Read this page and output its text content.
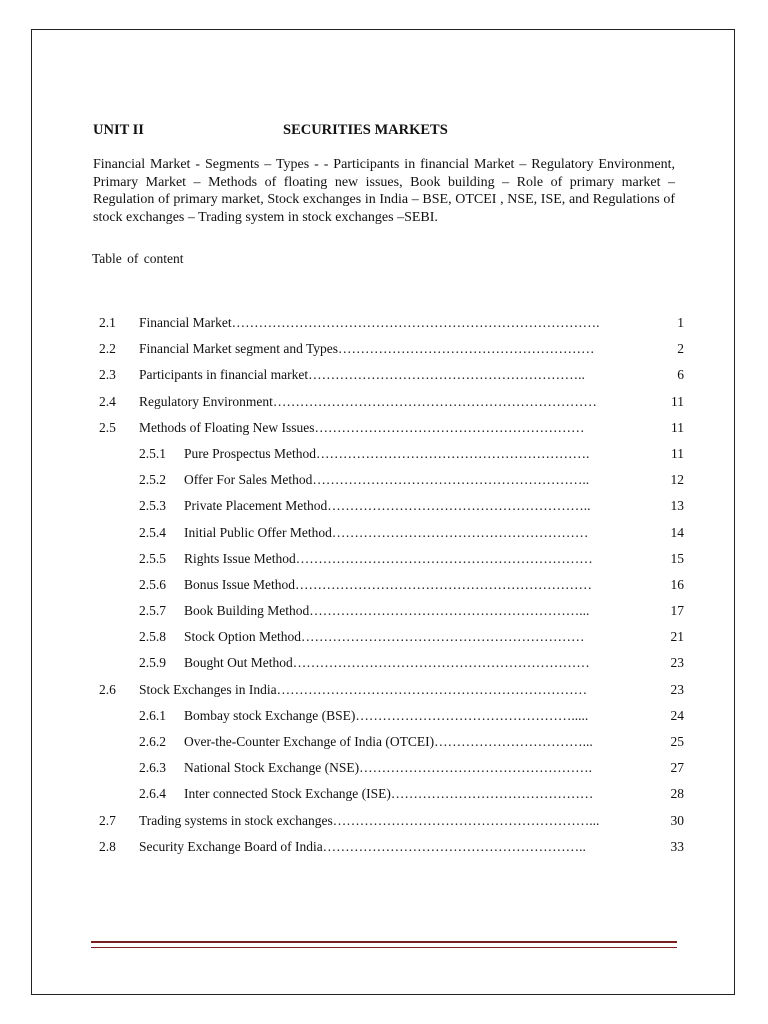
UNIT II	SECURITIES MARKETS
Financial Market - Segments – Types - - Participants in financial Market – Regulatory Environment, Primary Market – Methods of floating new issues, Book building – Role of primary market – Regulation of primary market, Stock exchanges in India – BSE, OTCEI , NSE, ISE, and Regulations of stock exchanges – Trading system in stock exchanges –SEBI.
Table of content
2.1 Financial Market……………………………………………………………………….	1
2.2 Financial Market segment and Types…………………………………………………	2
2.3 Participants in financial market……………………………………………………..	6
2.4 Regulatory Environment………………………………………………………………	11
2.5 Methods of Floating New Issues……………………………………………………	11
2.5.1 Pure Prospectus Method…………………………………………………….	11
2.5.2 Offer For Sales Method……………………………………………………..	12
2.5.3 Private Placement Method…………………………………………………..	13
2.5.4 Initial Public Offer Method…………………………………………………	14
2.5.5 Rights Issue Method…………………………………………………………	15
2.5.6 Bonus Issue Method…………………………………………………………	16
2.5.7 Book Building Method……………………………………………………...	17
2.5.8 Stock Option Method………………………………………………………	21
2.5.9 Bought Out Method…………………………………………………………	23
2.6 Stock Exchanges in India……………………………………………………………	23
2.6.1 Bombay stock Exchange (BSE)………………………………………….....	24
2.6.2 Over-the-Counter Exchange of India (OTCEI)……………………………...	25
2.6.3 National Stock Exchange (NSE)…………………………………………….	27
2.6.4 Inter connected Stock Exchange (ISE)………………………………………	28
2.7 Trading systems in stock exchanges…………………………………………………...	30
2.8 Security Exchange Board of India…………………………………………………..	33
